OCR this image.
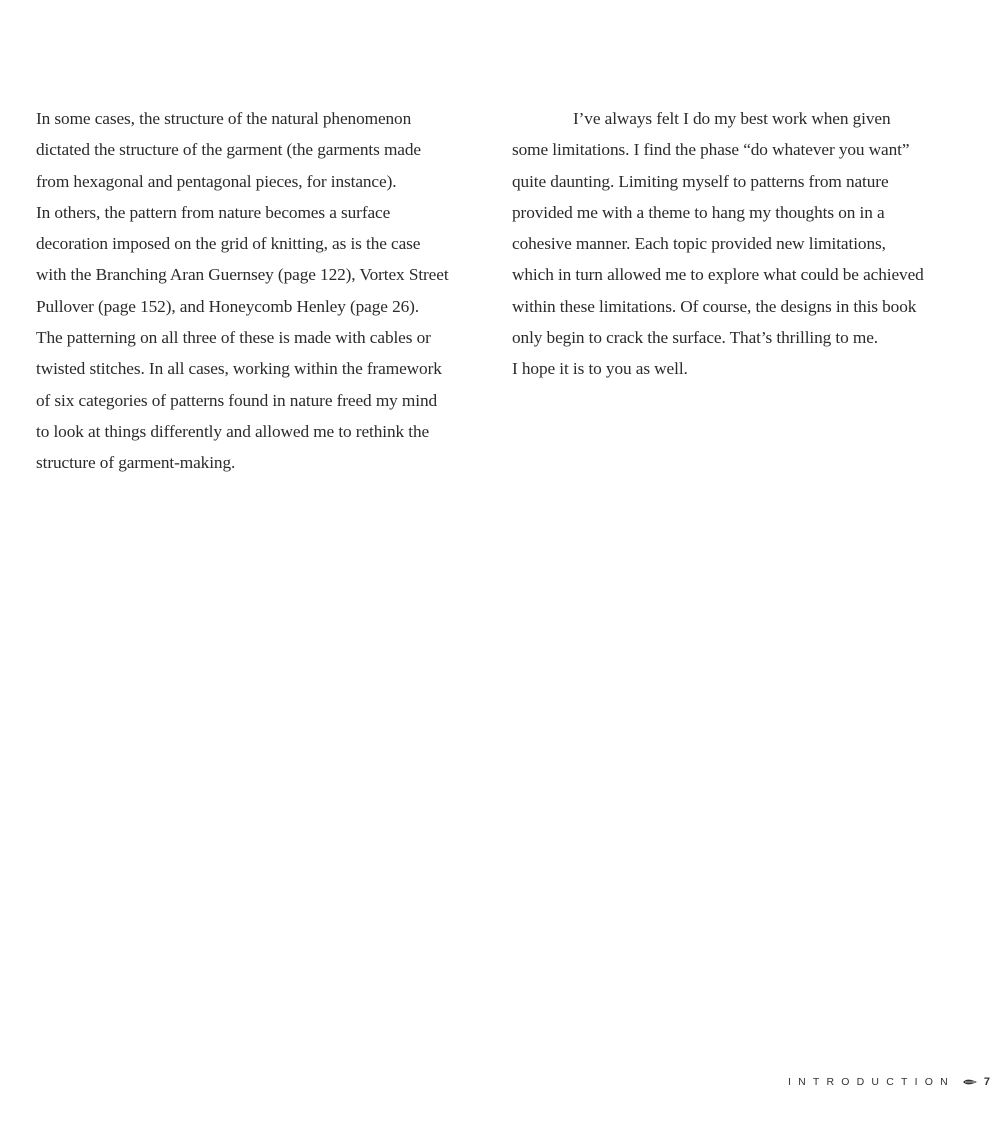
In some cases, the structure of the natural phenomenon
dictated the structure of the garment (the garments made
from hexagonal and pentagonal pieces, for instance).
In others, the pattern from nature becomes a surface
decoration imposed on the grid of knitting, as is the case
with the Branching Aran Guernsey (page 122), Vortex Street
Pullover (page 152), and Honeycomb Henley (page 26).
The patterning on all three of these is made with cables or
twisted stitches. In all cases, working within the framework
of six categories of patterns found in nature freed my mind
to look at things differently and allowed me to rethink the
structure of garment-making.
I’ve always felt I do my best work when given
some limitations. I find the phase “do whatever you want”
quite daunting. Limiting myself to patterns from nature
provided me with a theme to hang my thoughts on in a
cohesive manner. Each topic provided new limitations,
which in turn allowed me to explore what could be achieved
within these limitations. Of course, the designs in this book
only begin to crack the surface. That’s thrilling to me.
I hope it is to you as well.
INTRODUCTION	7
